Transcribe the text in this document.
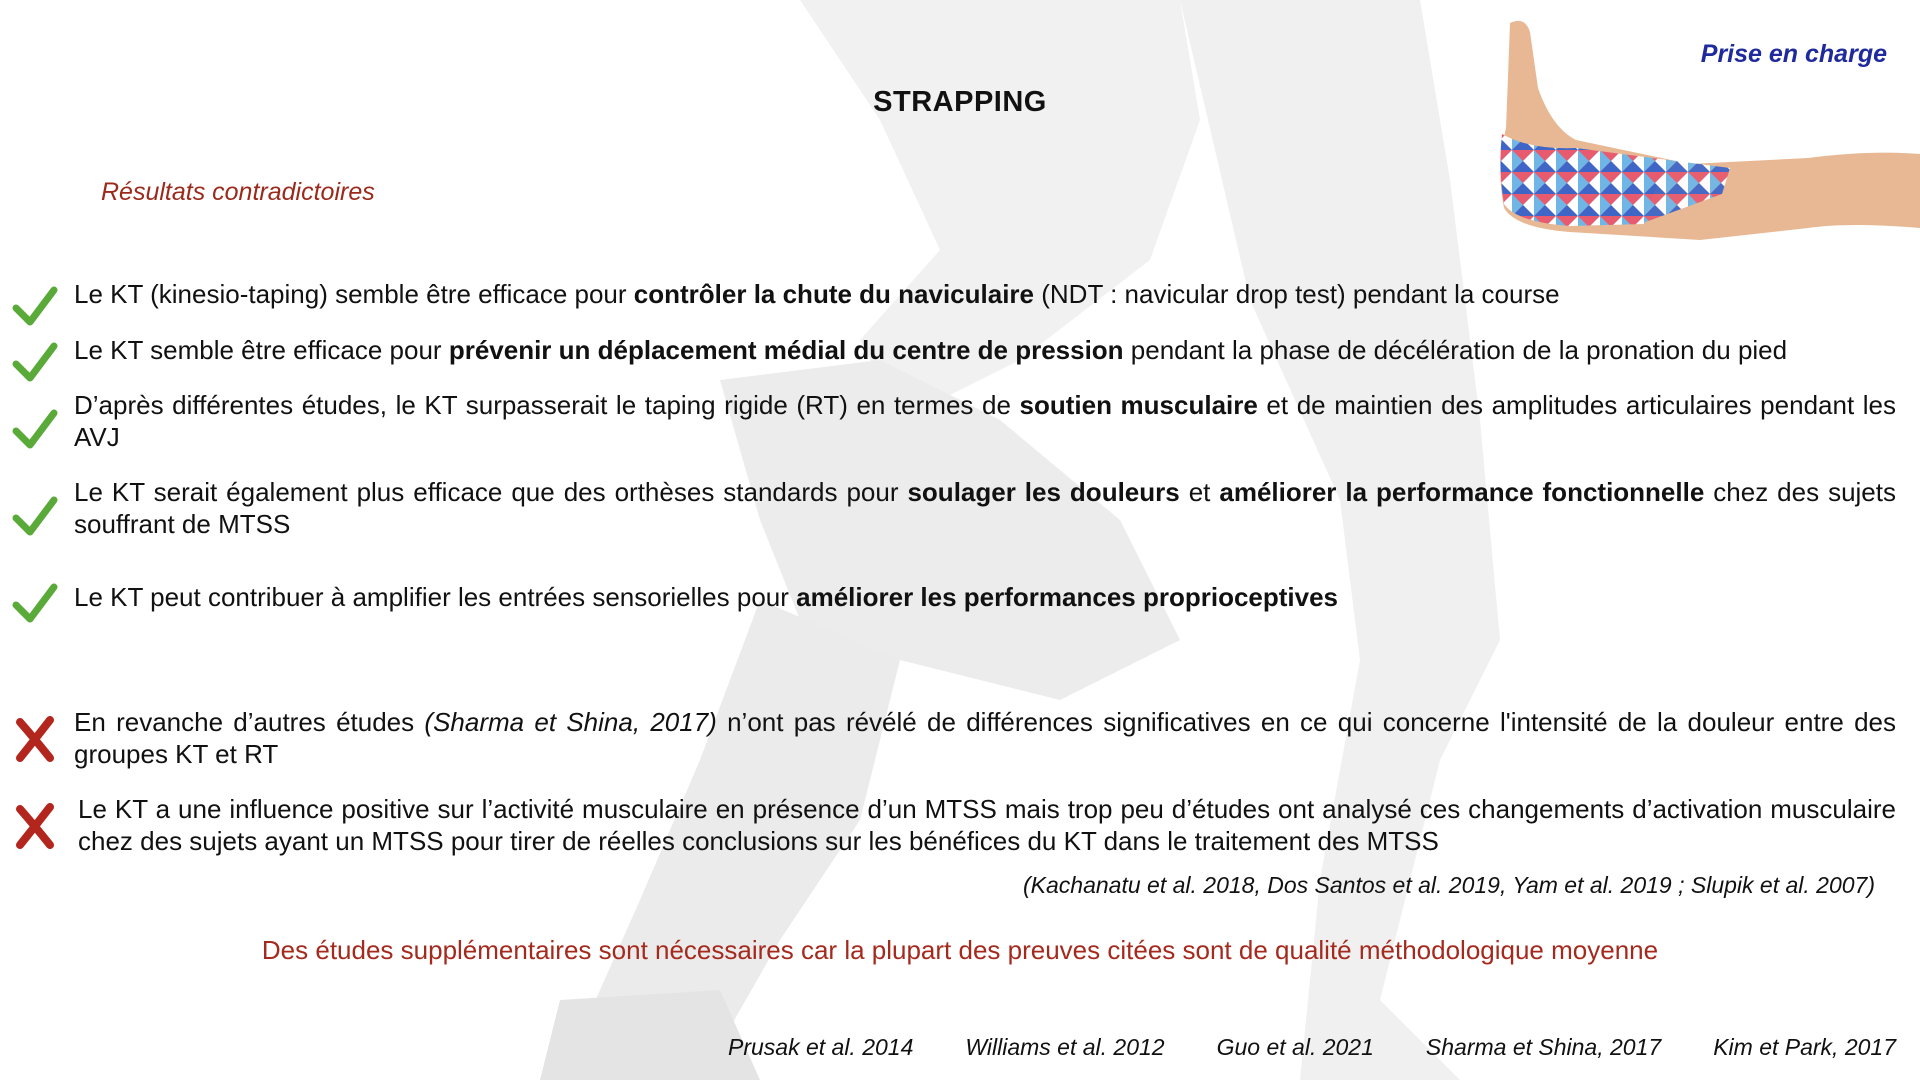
Prise en charge
STRAPPING
Résultats contradictoires
Le KT (kinesio-taping) semble être efficace pour contrôler la chute du naviculaire (NDT : navicular drop test) pendant la course
Le KT semble être efficace pour prévenir un déplacement médial du centre de pression pendant la phase de décélération de la pronation du pied
D’après différentes études, le KT surpasserait le taping rigide (RT) en termes de soutien musculaire et de maintien des amplitudes articulaires pendant les AVJ
Le KT serait également plus efficace que des orthèses standards pour soulager les douleurs et améliorer la performance fonctionnelle chez des sujets souffrant de MTSS
Le KT peut contribuer à amplifier les entrées sensorielles pour améliorer les performances proprioceptives
En revanche d’autres études (Sharma et Shina, 2017) n’ont pas révélé de différences significatives en ce qui concerne l'intensité de la douleur entre des groupes KT et RT
Le KT a une influence positive sur l’activité musculaire en présence d’un MTSS mais trop peu d’études ont analysé ces changements d’activation musculaire chez des sujets ayant un MTSS pour tirer de réelles conclusions sur les bénéfices du KT dans le traitement des MTSS
(Kachanatu et al. 2018, Dos Santos et al. 2019, Yam et al. 2019 ; Slupik et al. 2007)
Des études supplémentaires sont nécessaires car la plupart des preuves citées sont de qualité méthodologique moyenne
Prusak et al. 2014 Williams et al. 2012 Guo et al. 2021 Sharma et Shina, 2017 Kim et Park, 2017
